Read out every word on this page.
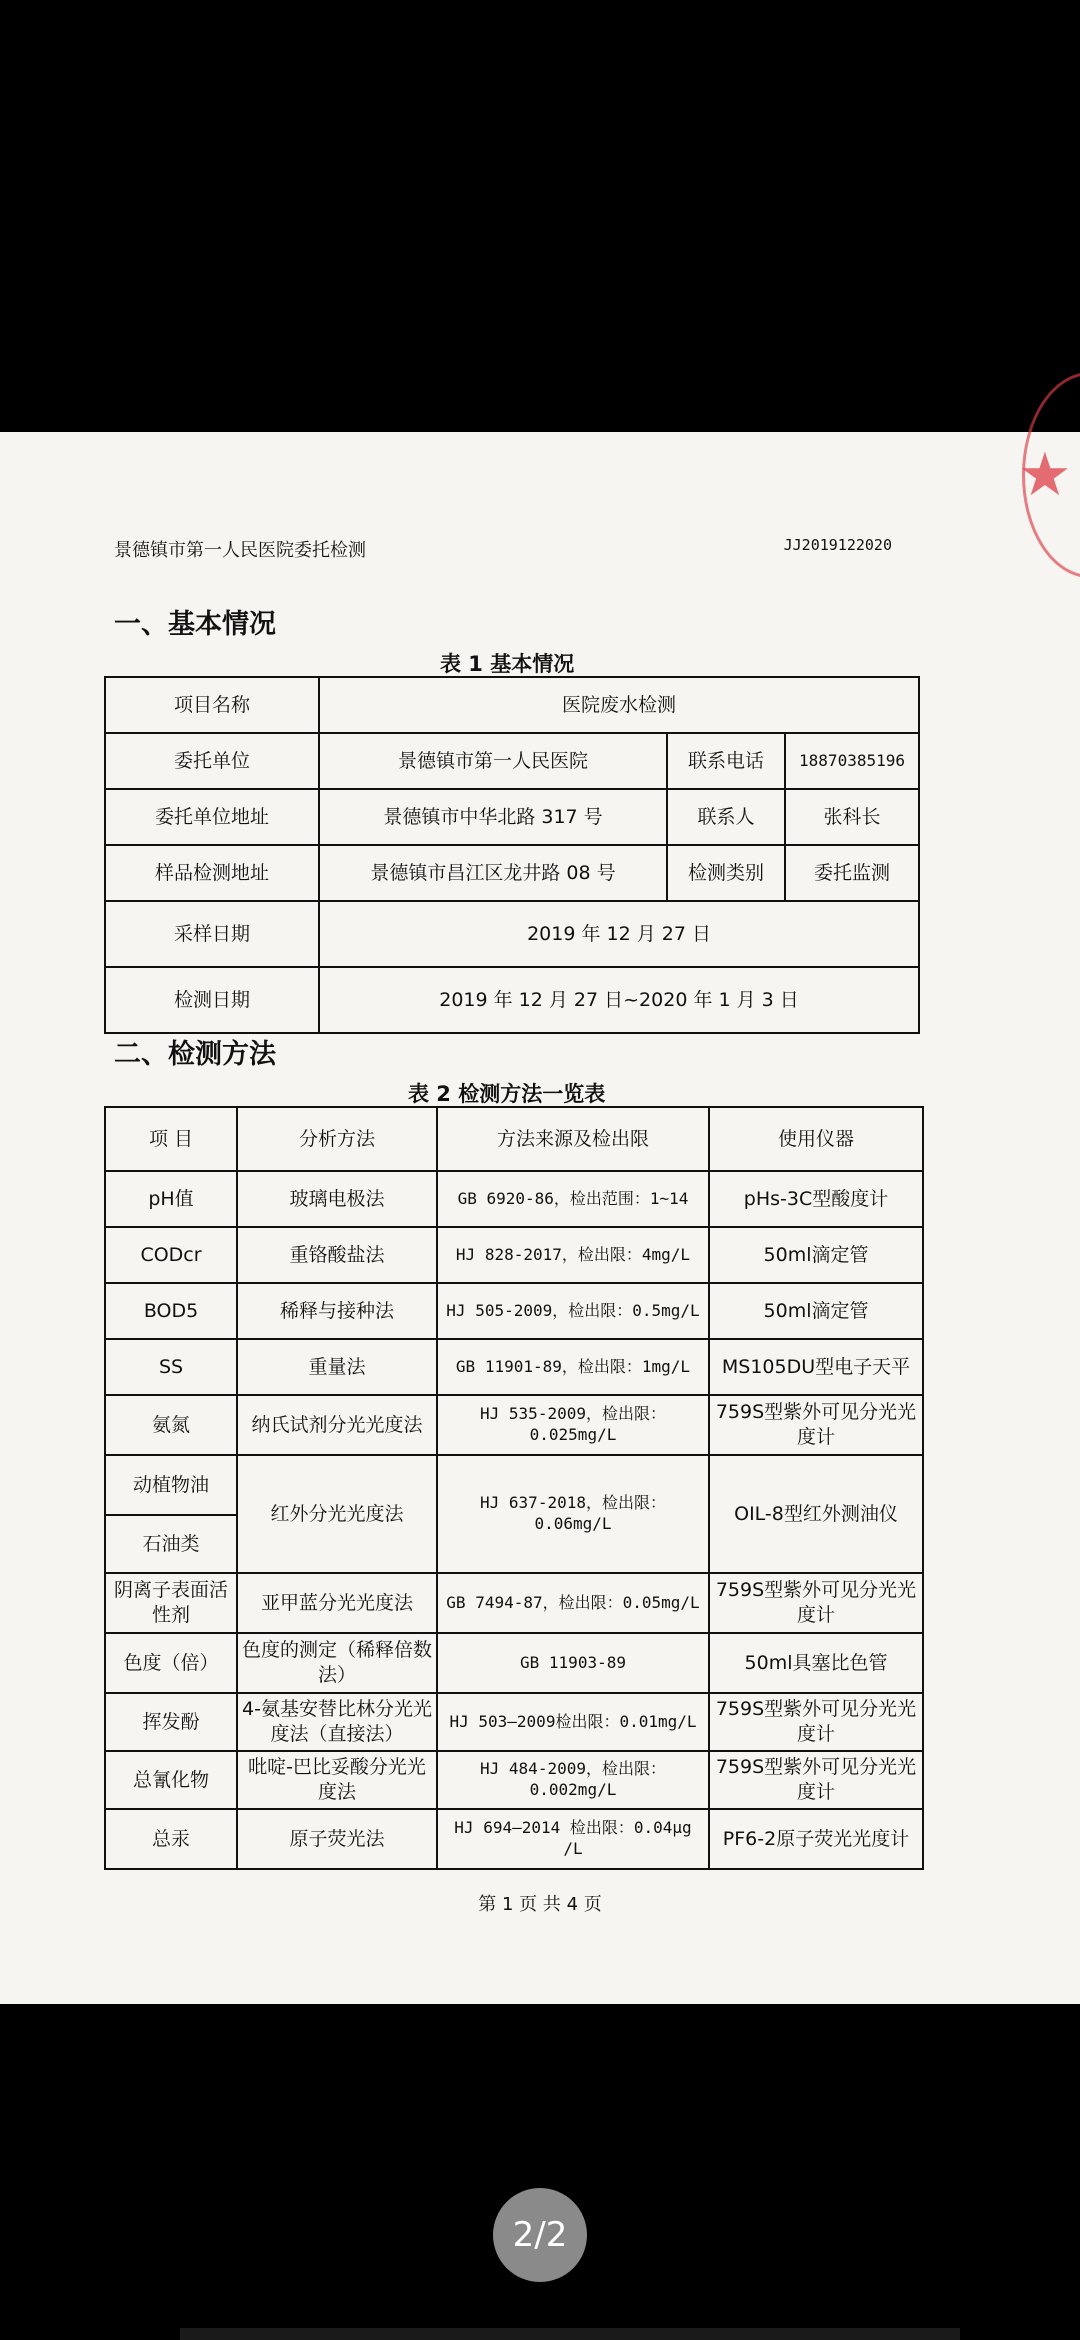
景德镇市第一人民医院委托检测	JJ2019122020
一、基本情况
表 1 基本情况
项目名称	医院废水检测		
委托单位	景德镇市第一人民医院	联系电话	18870385196
委托单位地址	景德镇市中华北路 317 号	联系人	张科长
样品检测地址	景德镇市昌江区龙井路 08 号	检测类别	委托监测
采样日期	2019 年 12 月 27 日		
检测日期	2019 年 12 月 27 日~2020 年 1 月 3 日		
二、检测方法
表 2 检测方法一览表
项 目	分析方法	方法来源及检出限	使用仪器
pH值	玻璃电极法	GB 6920-86，检出范围：1~14	pHs-3C型酸度计
CODcr	重铬酸盐法	HJ 828-2017，检出限：4mg/L	50ml滴定管
BOD5	稀释与接种法	HJ 505-2009，检出限：0.5mg/L	50ml滴定管
SS	重量法	GB 11901-89，检出限：1mg/L	MS105DU型电子天平
氨氮	纳氏试剂分光光度法	HJ 535-2009，检出限：0.025mg/L	759S型紫外可见分光光度计
动植物油	红外分光光度法	HJ 637-2018，检出限：0.06mg/L	OIL-8型红外测油仪
石油类			
阴离子表面活性剂	亚甲蓝分光光度法	GB 7494-87，检出限：0.05mg/L	759S型紫外可见分光光度计
色度（倍）	色度的测定（稀释倍数法）	GB 11903-89	50ml具塞比色管
挥发酚	4-氨基安替比林分光光度法（直接法）	HJ 503—2009检出限：0.01mg/L	759S型紫外可见分光光度计
总氰化物	吡啶-巴比妥酸分光光度法	HJ 484-2009，检出限：0.002mg/L	759S型紫外可见分光光度计
总汞	原子荧光法	HJ 694—2014 检出限：0.04μg /L	PF6-2原子荧光光度计
第 1 页 共 4 页
★
2/2
